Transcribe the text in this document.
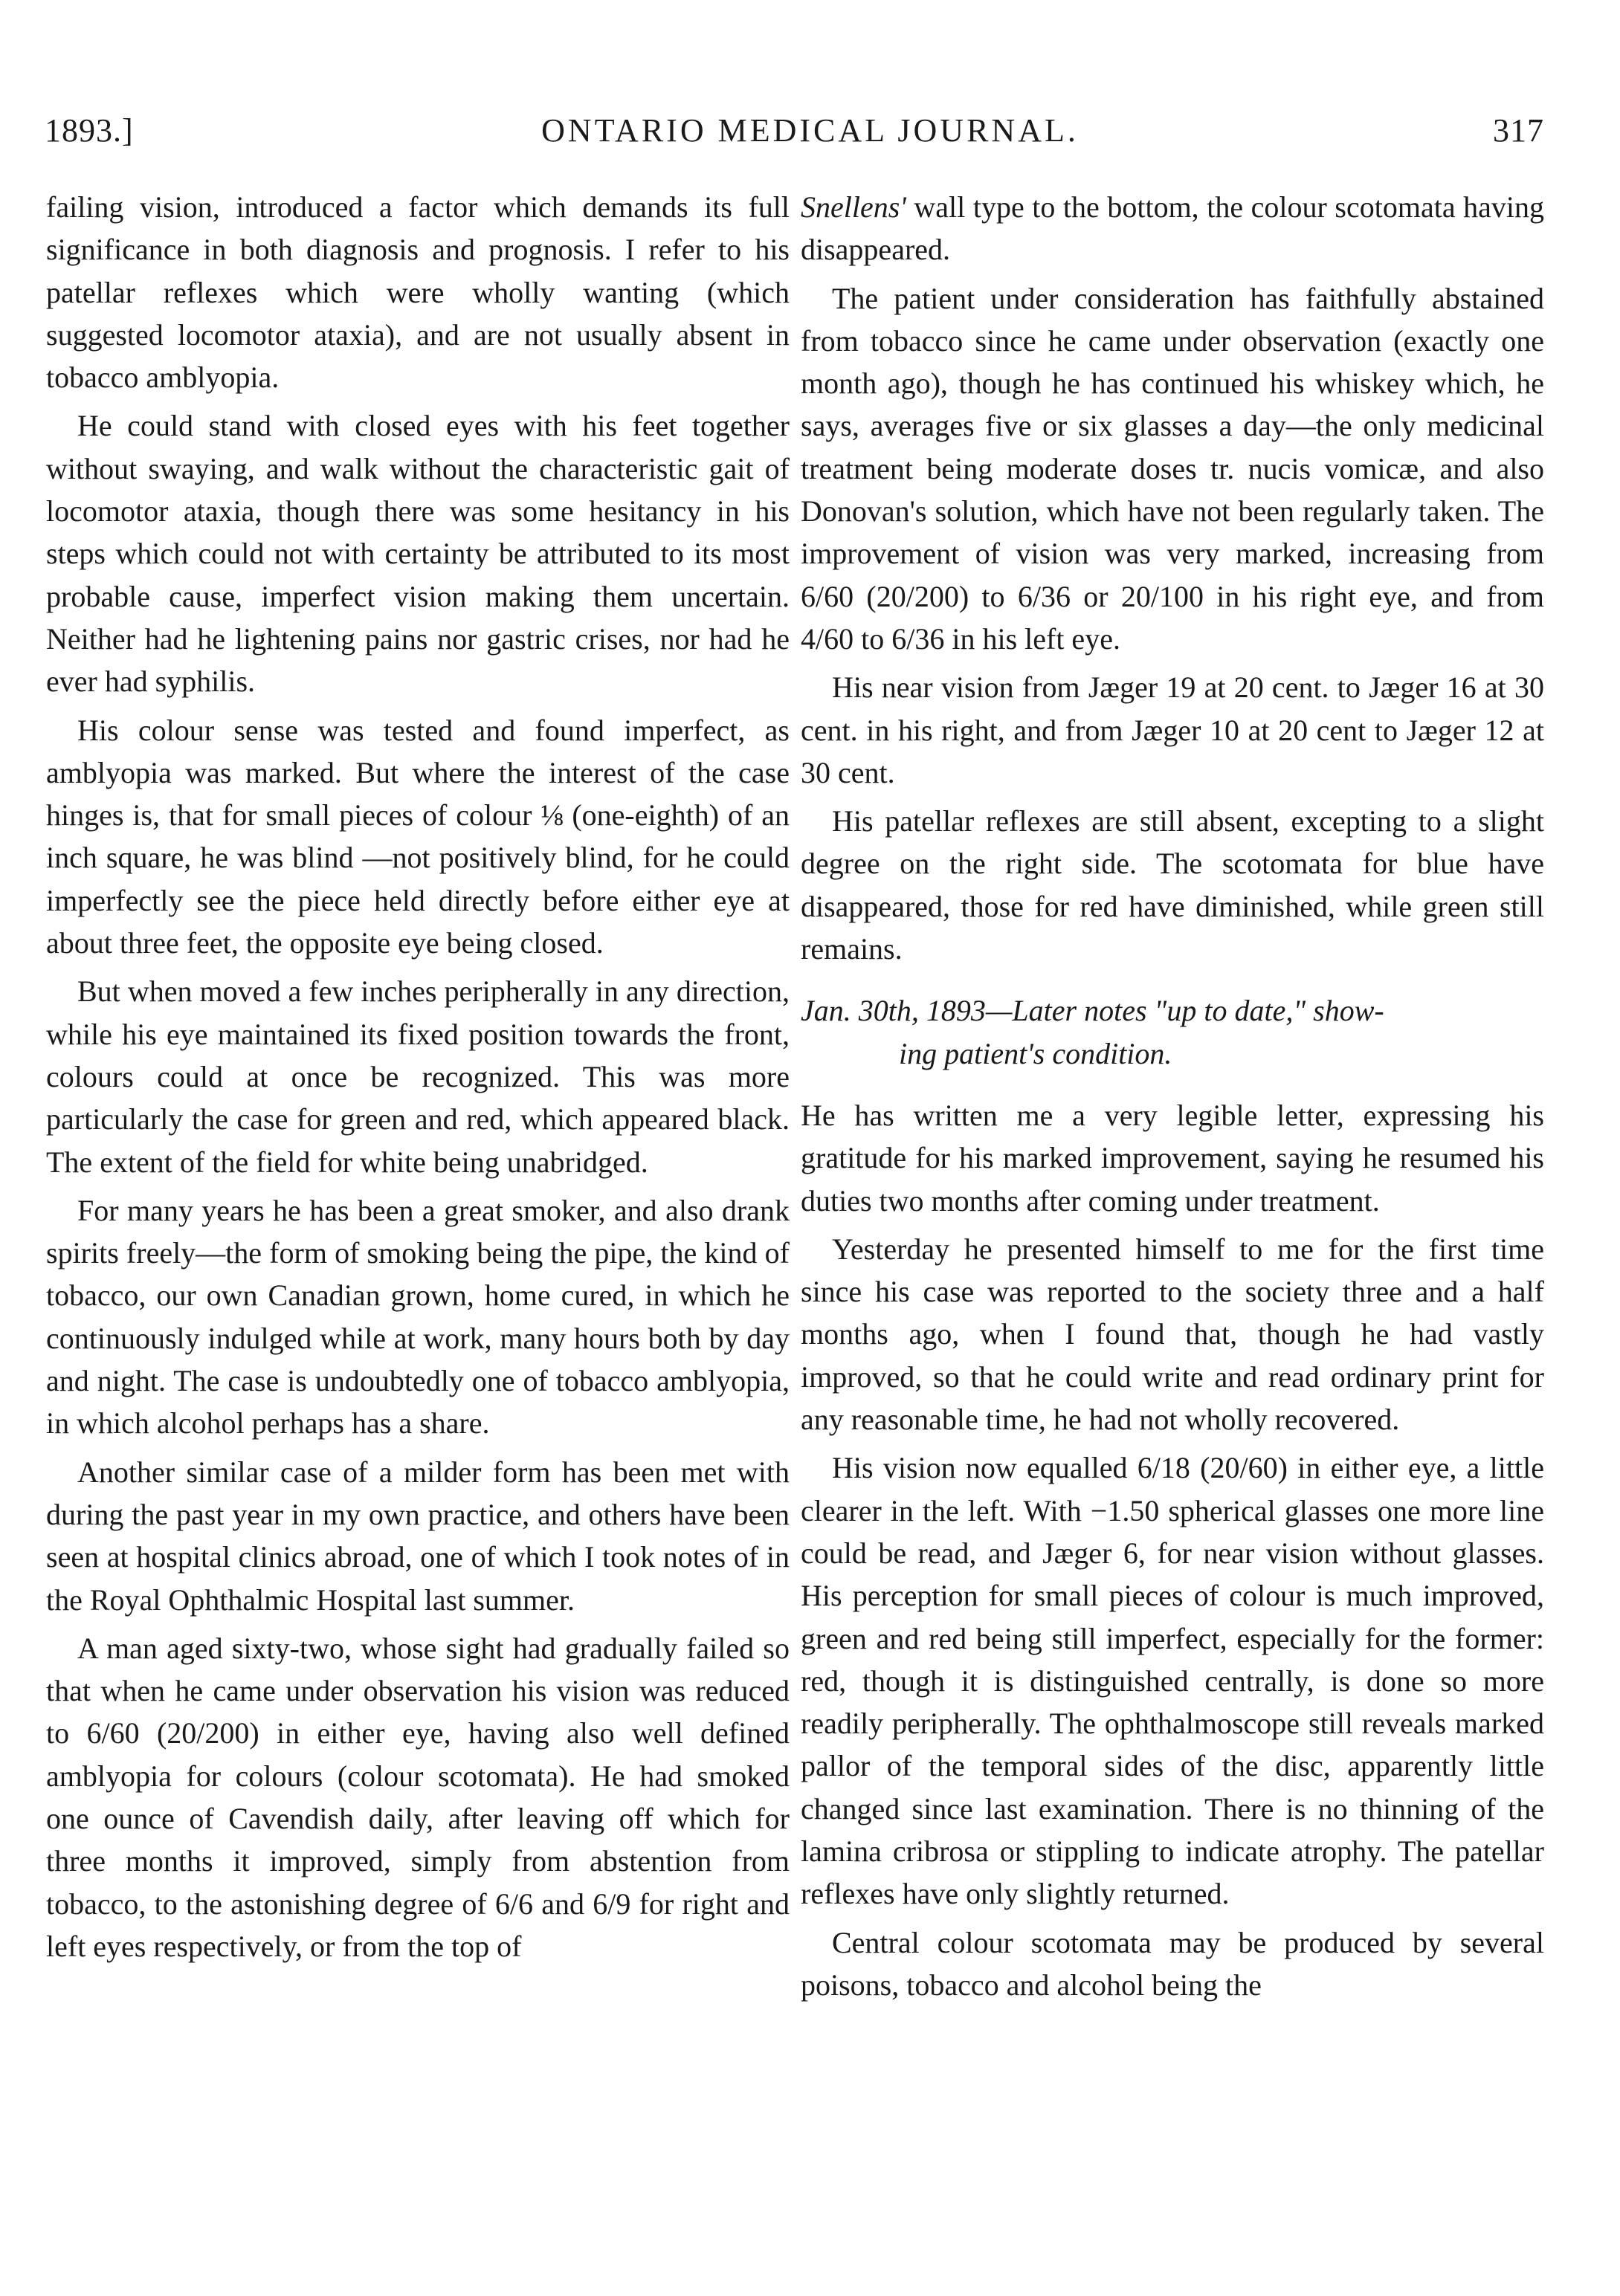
1893.]	ONTARIO MEDICAL JOURNAL.	317

failing vision, introduced a factor which demands its full significance in both diagnosis and prognosis. I refer to his patellar reflexes which were wholly wanting (which suggested locomotor ataxia), and are not usually absent in tobacco amblyopia.

He could stand with closed eyes with his feet together without swaying, and walk without the characteristic gait of locomotor ataxia, though there was some hesitancy in his steps which could not with certainty be attributed to its most probable cause, imperfect vision making them uncertain. Neither had he lightening pains nor gastric crises, nor had he ever had syphilis.

His colour sense was tested and found imperfect, as amblyopia was marked. But where the interest of the case hinges is, that for small pieces of colour ⅛ (one-eighth) of an inch square, he was blind —not positively blind, for he could imperfectly see the piece held directly before either eye at about three feet, the opposite eye being closed.

But when moved a few inches peripherally in any direction, while his eye maintained its fixed position towards the front, colours could at once be recognized. This was more particularly the case for green and red, which appeared black. The extent of the field for white being unabridged.

For many years he has been a great smoker, and also drank spirits freely—the form of smoking being the pipe, the kind of tobacco, our own Canadian grown, home cured, in which he continuously indulged while at work, many hours both by day and night. The case is undoubtedly one of tobacco amblyopia, in which alcohol perhaps has a share.

Another similar case of a milder form has been met with during the past year in my own practice, and others have been seen at hospital clinics abroad, one of which I took notes of in the Royal Ophthalmic Hospital last summer.

A man aged sixty-two, whose sight had gradually failed so that when he came under observation his vision was reduced to 6/60 (20/200) in either eye, having also well defined amblyopia for colours (colour scotomata). He had smoked one ounce of Cavendish daily, after leaving off which for three months it improved, simply from abstention from tobacco, to the astonishing degree of 6/6 and 6/9 for right and left eyes respectively, or from the top of

Snellens' wall type to the bottom, the colour scotomata having disappeared.

The patient under consideration has faithfully abstained from tobacco since he came under observation (exactly one month ago), though he has continued his whiskey which, he says, averages five or six glasses a day—the only medicinal treatment being moderate doses tr. nucis vomicæ, and also Donovan's solution, which have not been regularly taken. The improvement of vision was very marked, increasing from 6/60 (20/200) to 6/36 or 20/100 in his right eye, and from 4/60 to 6/36 in his left eye.

His near vision from Jæger 19 at 20 cent. to Jæger 16 at 30 cent. in his right, and from Jæger 10 at 20 cent to Jæger 12 at 30 cent.

His patellar reflexes are still absent, excepting to a slight degree on the right side. The scotomata for blue have disappeared, those for red have diminished, while green still remains.

Jan. 30th, 1893—Later notes "up to date," show-
ing patient's condition.

He has written me a very legible letter, expressing his gratitude for his marked improvement, saying he resumed his duties two months after coming under treatment.

Yesterday he presented himself to me for the first time since his case was reported to the society three and a half months ago, when I found that, though he had vastly improved, so that he could write and read ordinary print for any reasonable time, he had not wholly recovered.

His vision now equalled 6/18 (20/60) in either eye, a little clearer in the left. With −1.50 spherical glasses one more line could be read, and Jæger 6, for near vision without glasses. His perception for small pieces of colour is much improved, green and red being still imperfect, especially for the former: red, though it is distinguished centrally, is done so more readily peripherally. The ophthalmoscope still reveals marked pallor of the temporal sides of the disc, apparently little changed since last examination. There is no thinning of the lamina cribrosa or stippling to indicate atrophy. The patellar reflexes have only slightly returned.

Central colour scotomata may be produced by several poisons, tobacco and alcohol being the
